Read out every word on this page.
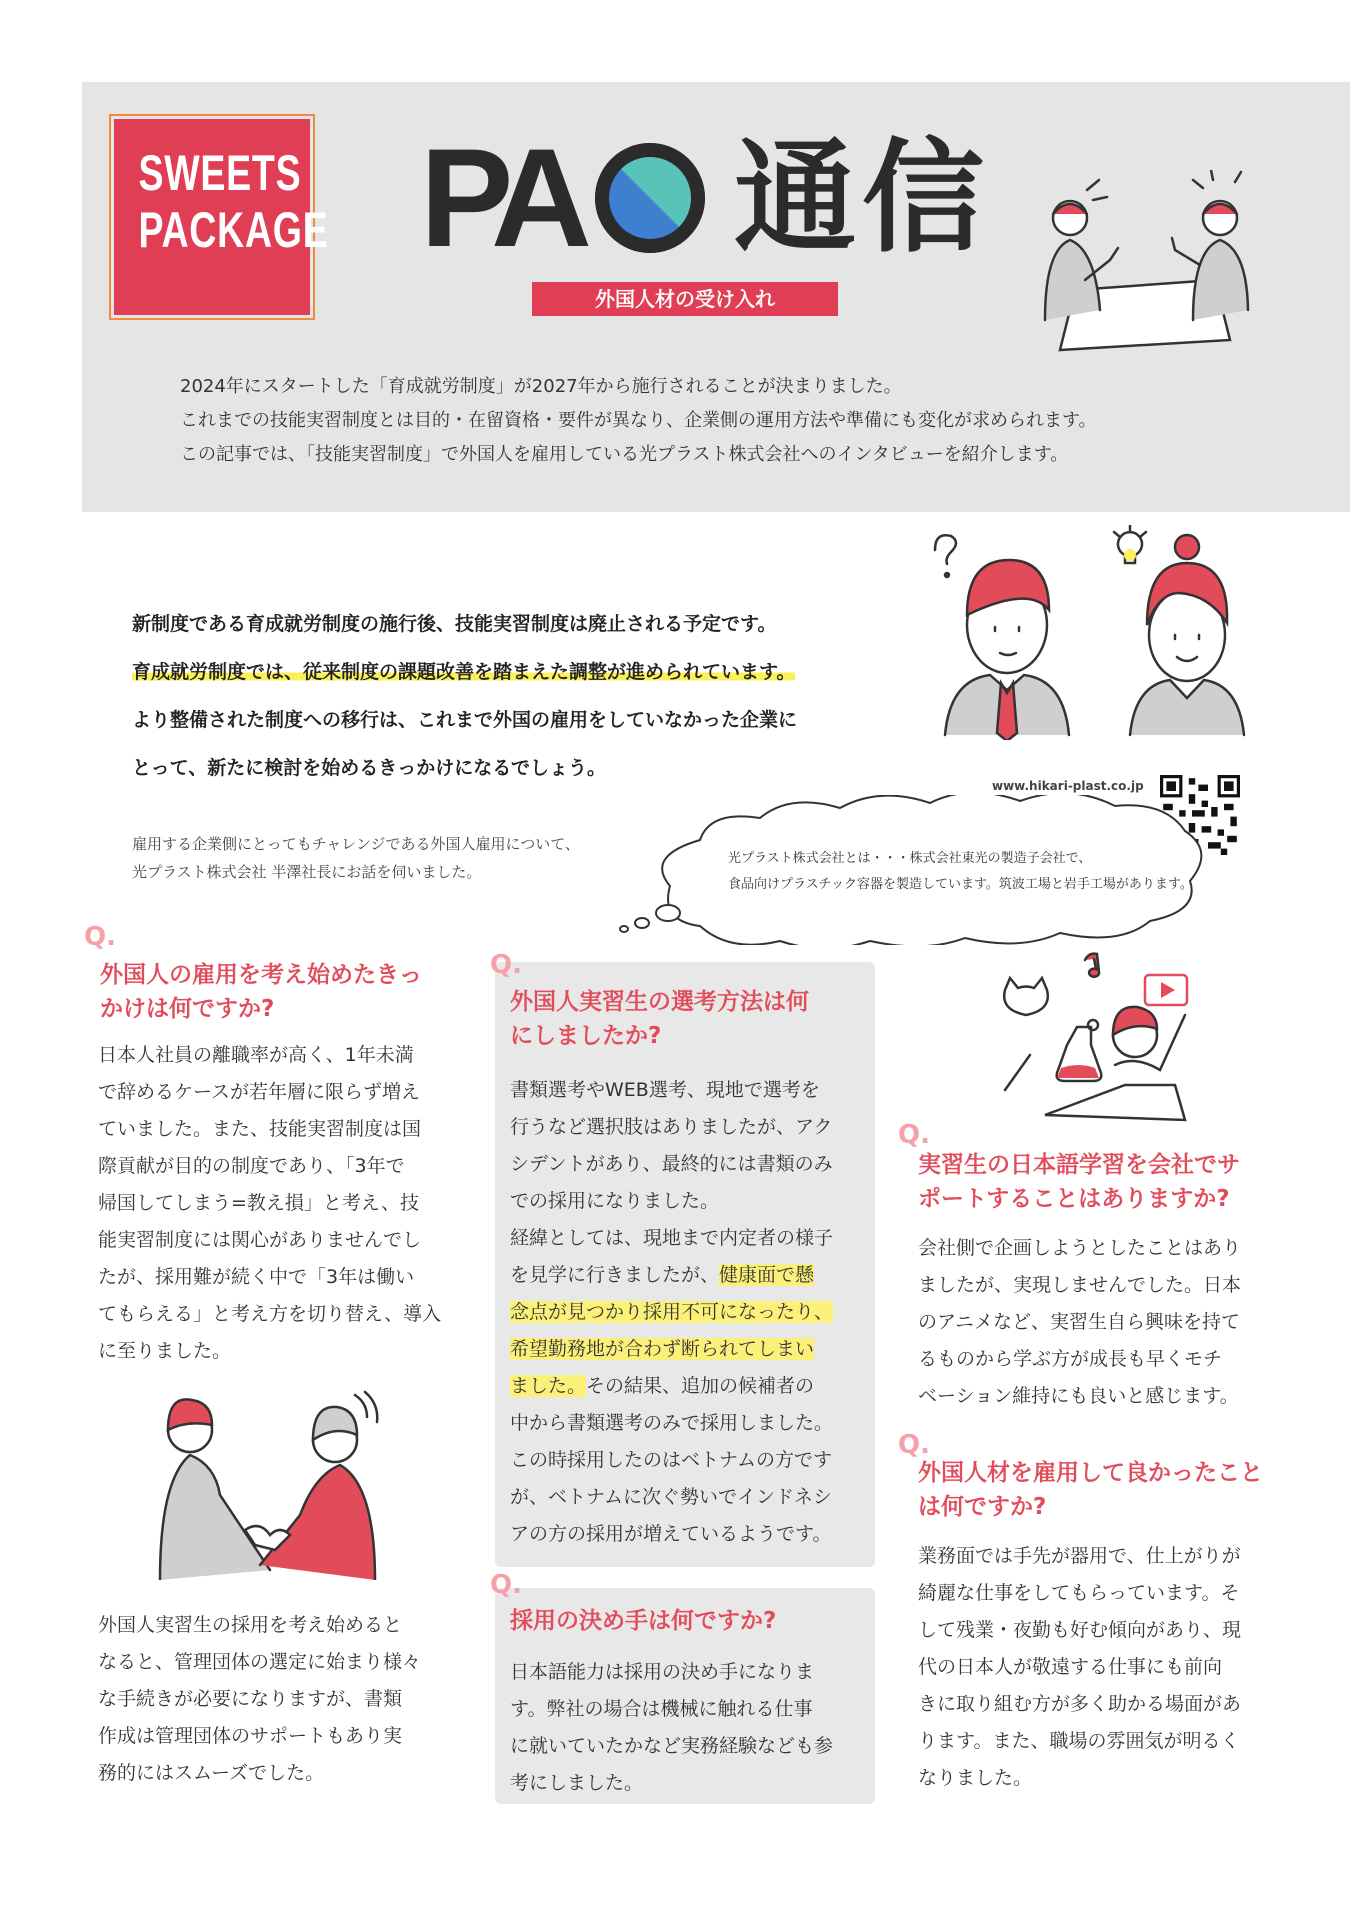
SWEETS
PACKAGE PA 通信
外国人材の受け入れ
2024年にスタートした「育成就労制度」が2027年から施行されることが決まりました。
これまでの技能実習制度とは目的・在留資格・要件が異なり、企業側の運用方法や準備にも変化が求められます。
この記事では、「技能実習制度」で外国人を雇用している光プラスト株式会社へのインタビューを紹介します。
新制度である育成就労制度の施行後、技能実習制度は廃止される予定です。
育成就労制度では、従来制度の課題改善を踏まえた調整が進められています。
より整備された制度への移行は、これまで外国の雇用をしていなかった企業に
とって、新たに検討を始めるきっかけになるでしょう。
www.hikari-plast.co.jp
雇用する企業側にとってもチャレンジである外国人雇用について、
光プラスト株式会社 半澤社長にお話を伺いました。
光プラスト株式会社とは・・・株式会社東光の製造子会社で、
食品向けプラスチック容器を製造しています。筑波工場と岩手工場があります。
Q.
外国人の雇用を考え始めたきっ
かけは何ですか?
日本人社員の離職率が高く、1年未満
で辞めるケースが若年層に限らず増え
ていました。また、技能実習制度は国
際貢献が目的の制度であり、「3年で
帰国してしまう=教え損」と考え、技
能実習制度には関心がありませんでし
たが、採用難が続く中で「3年は働い
てもらえる」と考え方を切り替え、導入
に至りました。
外国人実習生の採用を考え始めると
なると、管理団体の選定に始まり様々
な手続きが必要になりますが、書類
作成は管理団体のサポートもあり実
務的にはスムーズでした。
Q.
外国人実習生の選考方法は何
にしましたか?
書類選考やWEB選考、現地で選考を
行うなど選択肢はありましたが、アク
シデントがあり、最終的には書類のみ
での採用になりました。
経緯としては、現地まで内定者の様子
を見学に行きましたが、健康面で懸
念点が見つかり採用不可になったり、
希望勤務地が合わず断られてしまい
ました。その結果、追加の候補者の
中から書類選考のみで採用しました。
この時採用したのはベトナムの方です
が、ベトナムに次ぐ勢いでインドネシ
アの方の採用が増えているようです。
Q.
採用の決め手は何ですか?
日本語能力は採用の決め手になりま
す。弊社の場合は機械に触れる仕事
に就いていたかなど実務経験なども参
考にしました。
Q.
実習生の日本語学習を会社でサ
ポートすることはありますか?
会社側で企画しようとしたことはあり
ましたが、実現しませんでした。日本
のアニメなど、実習生自ら興味を持て
るものから学ぶ方が成長も早くモチ
ベーション維持にも良いと感じます。
Q.
外国人材を雇用して良かったこと
は何ですか?
業務面では手先が器用で、仕上がりが
綺麗な仕事をしてもらっています。そ
して残業・夜勤も好む傾向があり、現
代の日本人が敬遠する仕事にも前向
きに取り組む方が多く助かる場面があ
ります。また、職場の雰囲気が明るく
なりました。
